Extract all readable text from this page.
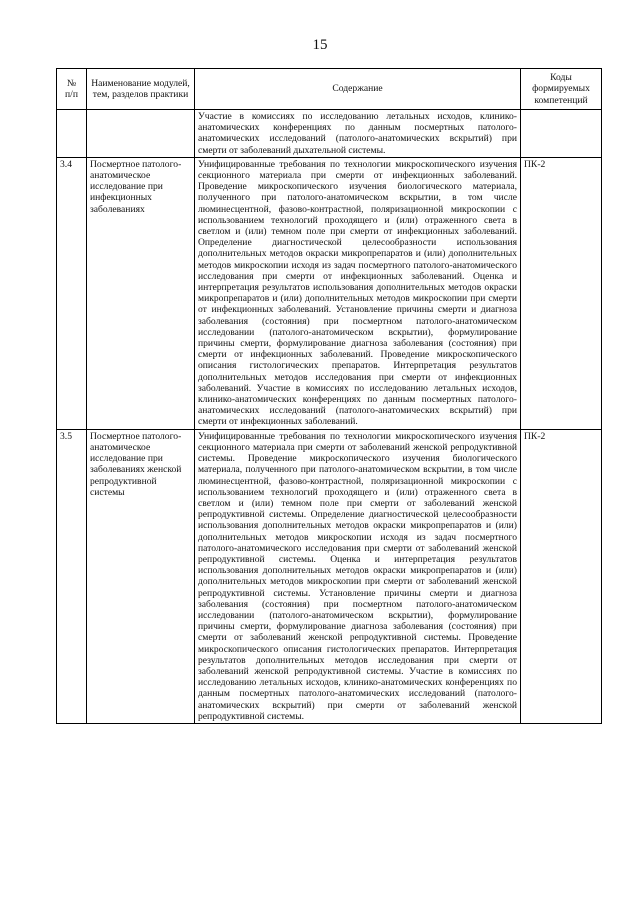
15
№
п/п	Наименование модулей, тем, разделов практики	Содержание	Коды формируемых компетенций
		Участие в комиссиях по исследованию летальных исходов, клинико-анатомических конференциях по данным посмертных патолого-анатомических исследований (патолого-анатомических вскрытий) при смерти от заболеваний дыхательной системы.	
3.4	Посмертное патолого-анатомическое исследование при инфекционных заболеваниях	Унифицированные требования по технологии микроскопического изучения секционного материала при смерти от инфекционных заболеваний. Проведение микроскопического изучения биологического материала, полученного при патолого-анатомическом вскрытии, в том числе люминесцентной, фазово-контрастной, поляризационной микроскопии с использованием технологий проходящего и (или) отраженного света в светлом и (или) темном поле при смерти от инфекционных заболеваний. Определение диагностической целесообразности использования дополнительных методов окраски микропрепаратов и (или) дополнительных методов микроскопии исходя из задач посмертного патолого-анатомического исследования при смерти от инфекционных заболеваний. Оценка и интерпретация результатов использования дополнительных методов окраски микропрепаратов и (или) дополнительных методов микроскопии при смерти от инфекционных заболеваний. Установление причины смерти и диагноза заболевания (состояния) при посмертном патолого-анатомическом исследовании (патолого-анатомическом вскрытии), формулирование причины смерти, формулирование диагноза заболевания (состояния) при смерти от инфекционных заболеваний. Проведение микроскопического описания гистологических препаратов. Интерпретация результатов дополнительных методов исследования при смерти от инфекционных заболеваний. Участие в комиссиях по исследованию летальных исходов, клинико-анатомических конференциях по данным посмертных патолого-анатомических исследований (патолого-анатомических вскрытий) при смерти от инфекционных заболеваний.	ПК-2
3.5	Посмертное патолого-анатомическое исследование при заболеваниях женской репродуктивной системы	Унифицированные требования по технологии микроскопического изучения секционного материала при смерти от заболеваний женской репродуктивной системы. Проведение микроскопического изучения биологического материала, полученного при патолого-анатомическом вскрытии, в том числе люминесцентной, фазово-контрастной, поляризационной микроскопии с использованием технологий проходящего и (или) отраженного света в светлом и (или) темном поле при смерти от заболеваний женской репродуктивной системы. Определение диагностической целесообразности использования дополнительных методов окраски микропрепаратов и (или) дополнительных методов микроскопии исходя из задач посмертного патолого-анатомического исследования при смерти от заболеваний женской репродуктивной системы. Оценка и интерпретация результатов использования дополнительных методов окраски микропрепаратов и (или) дополнительных методов микроскопии при смерти от заболеваний женской репродуктивной системы. Установление причины смерти и диагноза заболевания (состояния) при посмертном патолого-анатомическом исследовании (патолого-анатомическом вскрытии), формулирование причины смерти, формулирование диагноза заболевания (состояния) при смерти от заболеваний женской репродуктивной системы. Проведение микроскопического описания гистологических препаратов. Интерпретация результатов дополнительных методов исследования при смерти от заболеваний женской репродуктивной системы. Участие в комиссиях по исследованию летальных исходов, клинико-анатомических конференциях по данным посмертных патолого-анатомических исследований (патолого-анатомических вскрытий) при смерти от заболеваний женской репродуктивной системы.	ПК-2
